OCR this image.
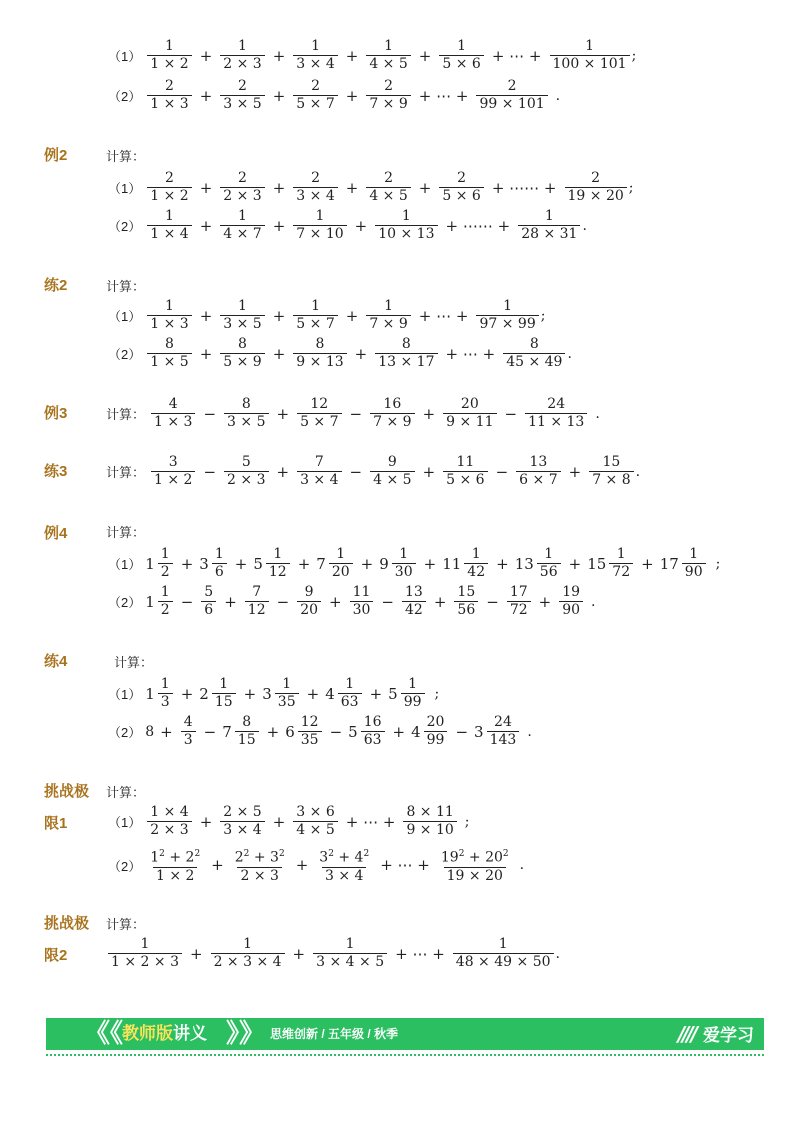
$(1) \frac{1}{1 \times 2} + \frac{1}{2 \times 3} + \frac{1}{3 \times 4} + \frac{1}{4 \times 5} + \frac{1}{5 \times 6}$ + ⋯ + $\frac{1}{100 \times 101}$ ;
$(2) \frac{2}{1 \times 3} + \frac{2}{3 \times 5} + \frac{2}{5 \times 7} + \frac{2}{7 \times 9}$ + ⋯ + $\frac{2}{99 \times 101}$ .
例2	计算：
$(1) \frac{2}{1 \times 2} + \frac{2}{2 \times 3} + \frac{2}{3 \times 4} + \frac{2}{4 \times 5} + \frac{2}{5 \times 6}$ + ⋯⋯ + $\frac{2}{19 \times 20}$ ;
$(2) \frac{1}{1 \times 4} + \frac{1}{4 \times 7} + \frac{1}{7 \times 10} + \frac{1}{10 \times 13}$ + ⋯⋯ + $\frac{1}{28 \times 31}$ .
练2	计算：
$(1) \frac{1}{1 \times 3} + \frac{1}{3 \times 5} + \frac{1}{5 \times 7} + \frac{1}{7 \times 9}$ + ⋯ + $\frac{1}{97 \times 99}$ ;
$(2) \frac{8}{1 \times 5} + \frac{8}{5 \times 9} + \frac{8}{9 \times 13} + \frac{8}{13 \times 17}$ + ⋯ + $\frac{8}{45 \times 49}$ .
例3	计算： $\frac{4}{1 \times 3} - \frac{8}{3 \times 5} + \frac{12}{5 \times 7} - \frac{16}{7 \times 9} + \frac{20}{9 \times 11} - \frac{24}{11 \times 13}$ .
练3	计算： $\frac{3}{1 \times 2} - \frac{5}{2 \times 3} + \frac{7}{3 \times 4} - \frac{9}{4 \times 5} + \frac{11}{5 \times 6} - \frac{13}{6 \times 7} + \frac{15}{7 \times 8}$ .
例4	计算：
（1） $1 \frac{1}{2} + 3 \frac{1}{6} + 5 \frac{1}{12} + 7 \frac{1}{20} + 9 \frac{1}{30} + 11 \frac{1}{42} + 13 \frac{1}{56} + 15 \frac{1}{72} + 17 \frac{1}{90}$ ;
（2） $1 \frac{1}{2} - \frac{5}{6} + \frac{7}{12} - \frac{9}{20} + \frac{11}{30} - \frac{13}{42} + \frac{15}{56} - \frac{17}{72} + \frac{19}{90}$ .
练4	计算：
（1） $1 \frac{1}{3} + 2 \frac{1}{15} + 3 \frac{1}{35} + 4 \frac{1}{63} + 5 \frac{1}{99}$ ;
（2） $8 + \frac{4}{3} - 7 \frac{8}{15} + 6 \frac{12}{35} - 5 \frac{16}{63} + 4 \frac{20}{99} - 3 \frac{24}{143}$ .
挑战极
限1
计算：
$(1) \frac{1 \times 4}{2 \times 3} + \frac{2 \times 5}{3 \times 4} + \frac{3 \times 6}{4 \times 5}$ + ⋯ + $\frac{8 \times 11}{9 \times 10}$ ;
$(2) \frac{1^2 + 2^2}{1 \times 2} + \frac{2^2 + 3^2}{2 \times 3} + \frac{3^2 + 4^2}{3 \times 4}$ + ⋯ + $\frac{19^2 + 20^2}{19 \times 20}$ .
挑战极
限2
计算：
$\frac{1}{1 \times 2 \times 3} + \frac{1}{2 \times 3 \times 4} + \frac{1}{3 \times 4 \times 5}$ + ⋯ + $\frac{1}{48 \times 49 \times 50}$ .
《《
教师版讲义 》》 思维创新 / 五年级 / 秋季	//// 爱学习
